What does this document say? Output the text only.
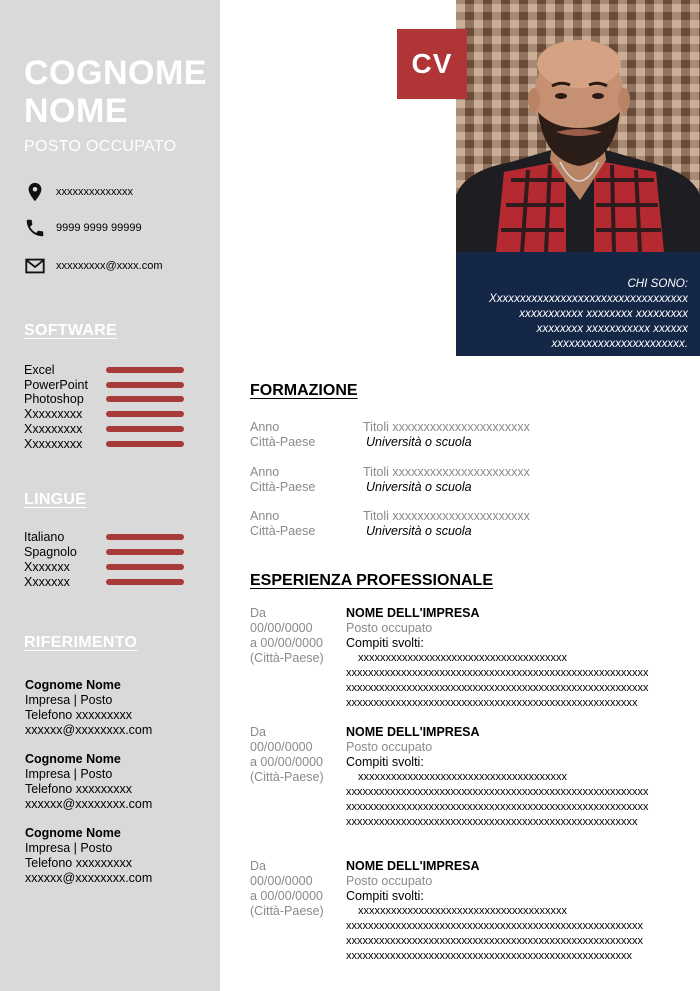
COGNOME
NOME
POSTO OCCUPATO
xxxxxxxxxxxxxx
9999 9999 99999
xxxxxxxxx@xxxx.com
SOFTWARE
Excel
PowerPoint
Photoshop
Xxxxxxxxx
Xxxxxxxxx
Xxxxxxxxx
LINGUE
Italiano
Spagnolo
Xxxxxxx
Xxxxxxx
RIFERIMENTO
Cognome Nome
Impresa | Posto
Telefono xxxxxxxxx
xxxxxx@xxxxxxxx.com
Cognome Nome
Impresa | Posto
Telefono xxxxxxxxx
xxxxxx@xxxxxxxx.com
Cognome Nome
Impresa | Posto
Telefono xxxxxxxxx
xxxxxx@xxxxxxxx.com
CV
CHI SONO:
Xxxxxxxxxxxxxxxxxxxxxxxxxxxxxxxxxx
xxxxxxxxxxx xxxxxxxx xxxxxxxxx
xxxxxxxx xxxxxxxxxxx xxxxxx
xxxxxxxxxxxxxxxxxxxxxxx.
FORMAZIONE
Anno
Città-Paese
Titoli xxxxxxxxxxxxxxxxxxxxxx
Università o scuola
Anno
Città-Paese
Titoli xxxxxxxxxxxxxxxxxxxxxx
Università o scuola
Anno
Città-Paese
Titoli xxxxxxxxxxxxxxxxxxxxxx
Università o scuola
ESPERIENZA PROFESSIONALE
Da
00/00/0000
a 00/00/0000
(Città-Paese)
NOME DELL'IMPRESA
Posto occupato
Compiti svolti:
xxxxxxxxxxxxxxxxxxxxxxxxxxxxxxxxxxxxxx
xxxxxxxxxxxxxxxxxxxxxxxxxxxxxxxxxxxxxxxxxxxxxxxxxxxxxxx
xxxxxxxxxxxxxxxxxxxxxxxxxxxxxxxxxxxxxxxxxxxxxxxxxxxxxxx
xxxxxxxxxxxxxxxxxxxxxxxxxxxxxxxxxxxxxxxxxxxxxxxxxxxxx
Da
00/00/0000
a 00/00/0000
(Città-Paese)
NOME DELL'IMPRESA
Posto occupato
Compiti svolti:
xxxxxxxxxxxxxxxxxxxxxxxxxxxxxxxxxxxxxx
xxxxxxxxxxxxxxxxxxxxxxxxxxxxxxxxxxxxxxxxxxxxxxxxxxxxxxx
xxxxxxxxxxxxxxxxxxxxxxxxxxxxxxxxxxxxxxxxxxxxxxxxxxxxxxx
xxxxxxxxxxxxxxxxxxxxxxxxxxxxxxxxxxxxxxxxxxxxxxxxxxxxx
Da
00/00/0000
a 00/00/0000
(Città-Paese)
NOME DELL'IMPRESA
Posto occupato
Compiti svolti:
xxxxxxxxxxxxxxxxxxxxxxxxxxxxxxxxxxxxxx
xxxxxxxxxxxxxxxxxxxxxxxxxxxxxxxxxxxxxxxxxxxxxxxxxxxxxx
xxxxxxxxxxxxxxxxxxxxxxxxxxxxxxxxxxxxxxxxxxxxxxxxxxxxxx
xxxxxxxxxxxxxxxxxxxxxxxxxxxxxxxxxxxxxxxxxxxxxxxxxxxx
